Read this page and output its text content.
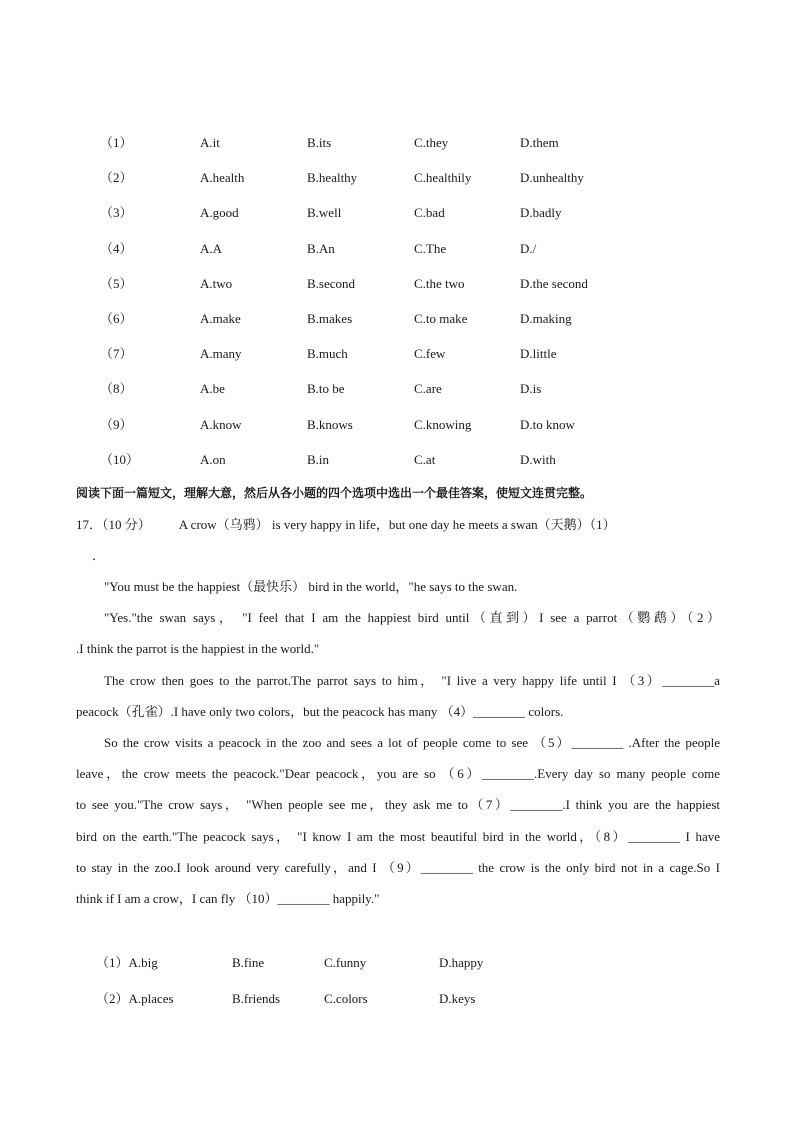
（1）	A.it	B.its	C.they	D.them
（2）	A.health	B.healthy	C.healthily	D.unhealthy
（3）	A.good	B.well	C.bad	D.badly
（4）	A.A	B.An	C.The	D./
（5）	A.two	B.second	C.the two	D.the second
（6）	A.make	B.makes	C.to make	D.making
（7）	A.many	B.much	C.few	D.little
（8）	A.be	B.to be	C.are	D.is
（9）	A.know	B.knows	C.knowing	D.to know
（10）	A.on	B.in	C.at	D.with
阅读下面一篇短文，理解大意，然后从各小题的四个选项中选出一个最佳答案，使短文连贯完整。
17．（10 分） A crow（乌鸦） is very happy in life，but one day he meets a swan（天鹅）（1）
．
"You must be the happiest（最快乐） bird in the world，"he says to the swan.
"Yes."the swan says， "I feel that I am the happiest bird until（直到）I see a parrot（鹦鹉）（2）
.I think the parrot is the happiest in the world."
The crow then goes to the parrot.The parrot says to him， "I live a very happy life until I （3）________a
peacock（孔雀）.I have only two colors，but the peacock has many （4）________ colors.
So the crow visits a peacock in the zoo and sees a lot of people come to see （5）________ .After the people
leave，the crow meets the peacock."Dear peacock，you are so （6）________.Every day so many people come
to see you."The crow says， "When people see me，they ask me to（7）________.I think you are the happiest
bird on the earth."The peacock says， "I know I am the most beautiful bird in the world，（8）________ I have
to stay in the zoo.I look around very carefully，and I （9）________ the crow is the only bird not in a cage.So I
think if I am a crow，I can fly （10）________ happily."
（1）A.big	B.fine	C.funny	D.happy
（2）A.places	B.friends	C.colors	D.keys
